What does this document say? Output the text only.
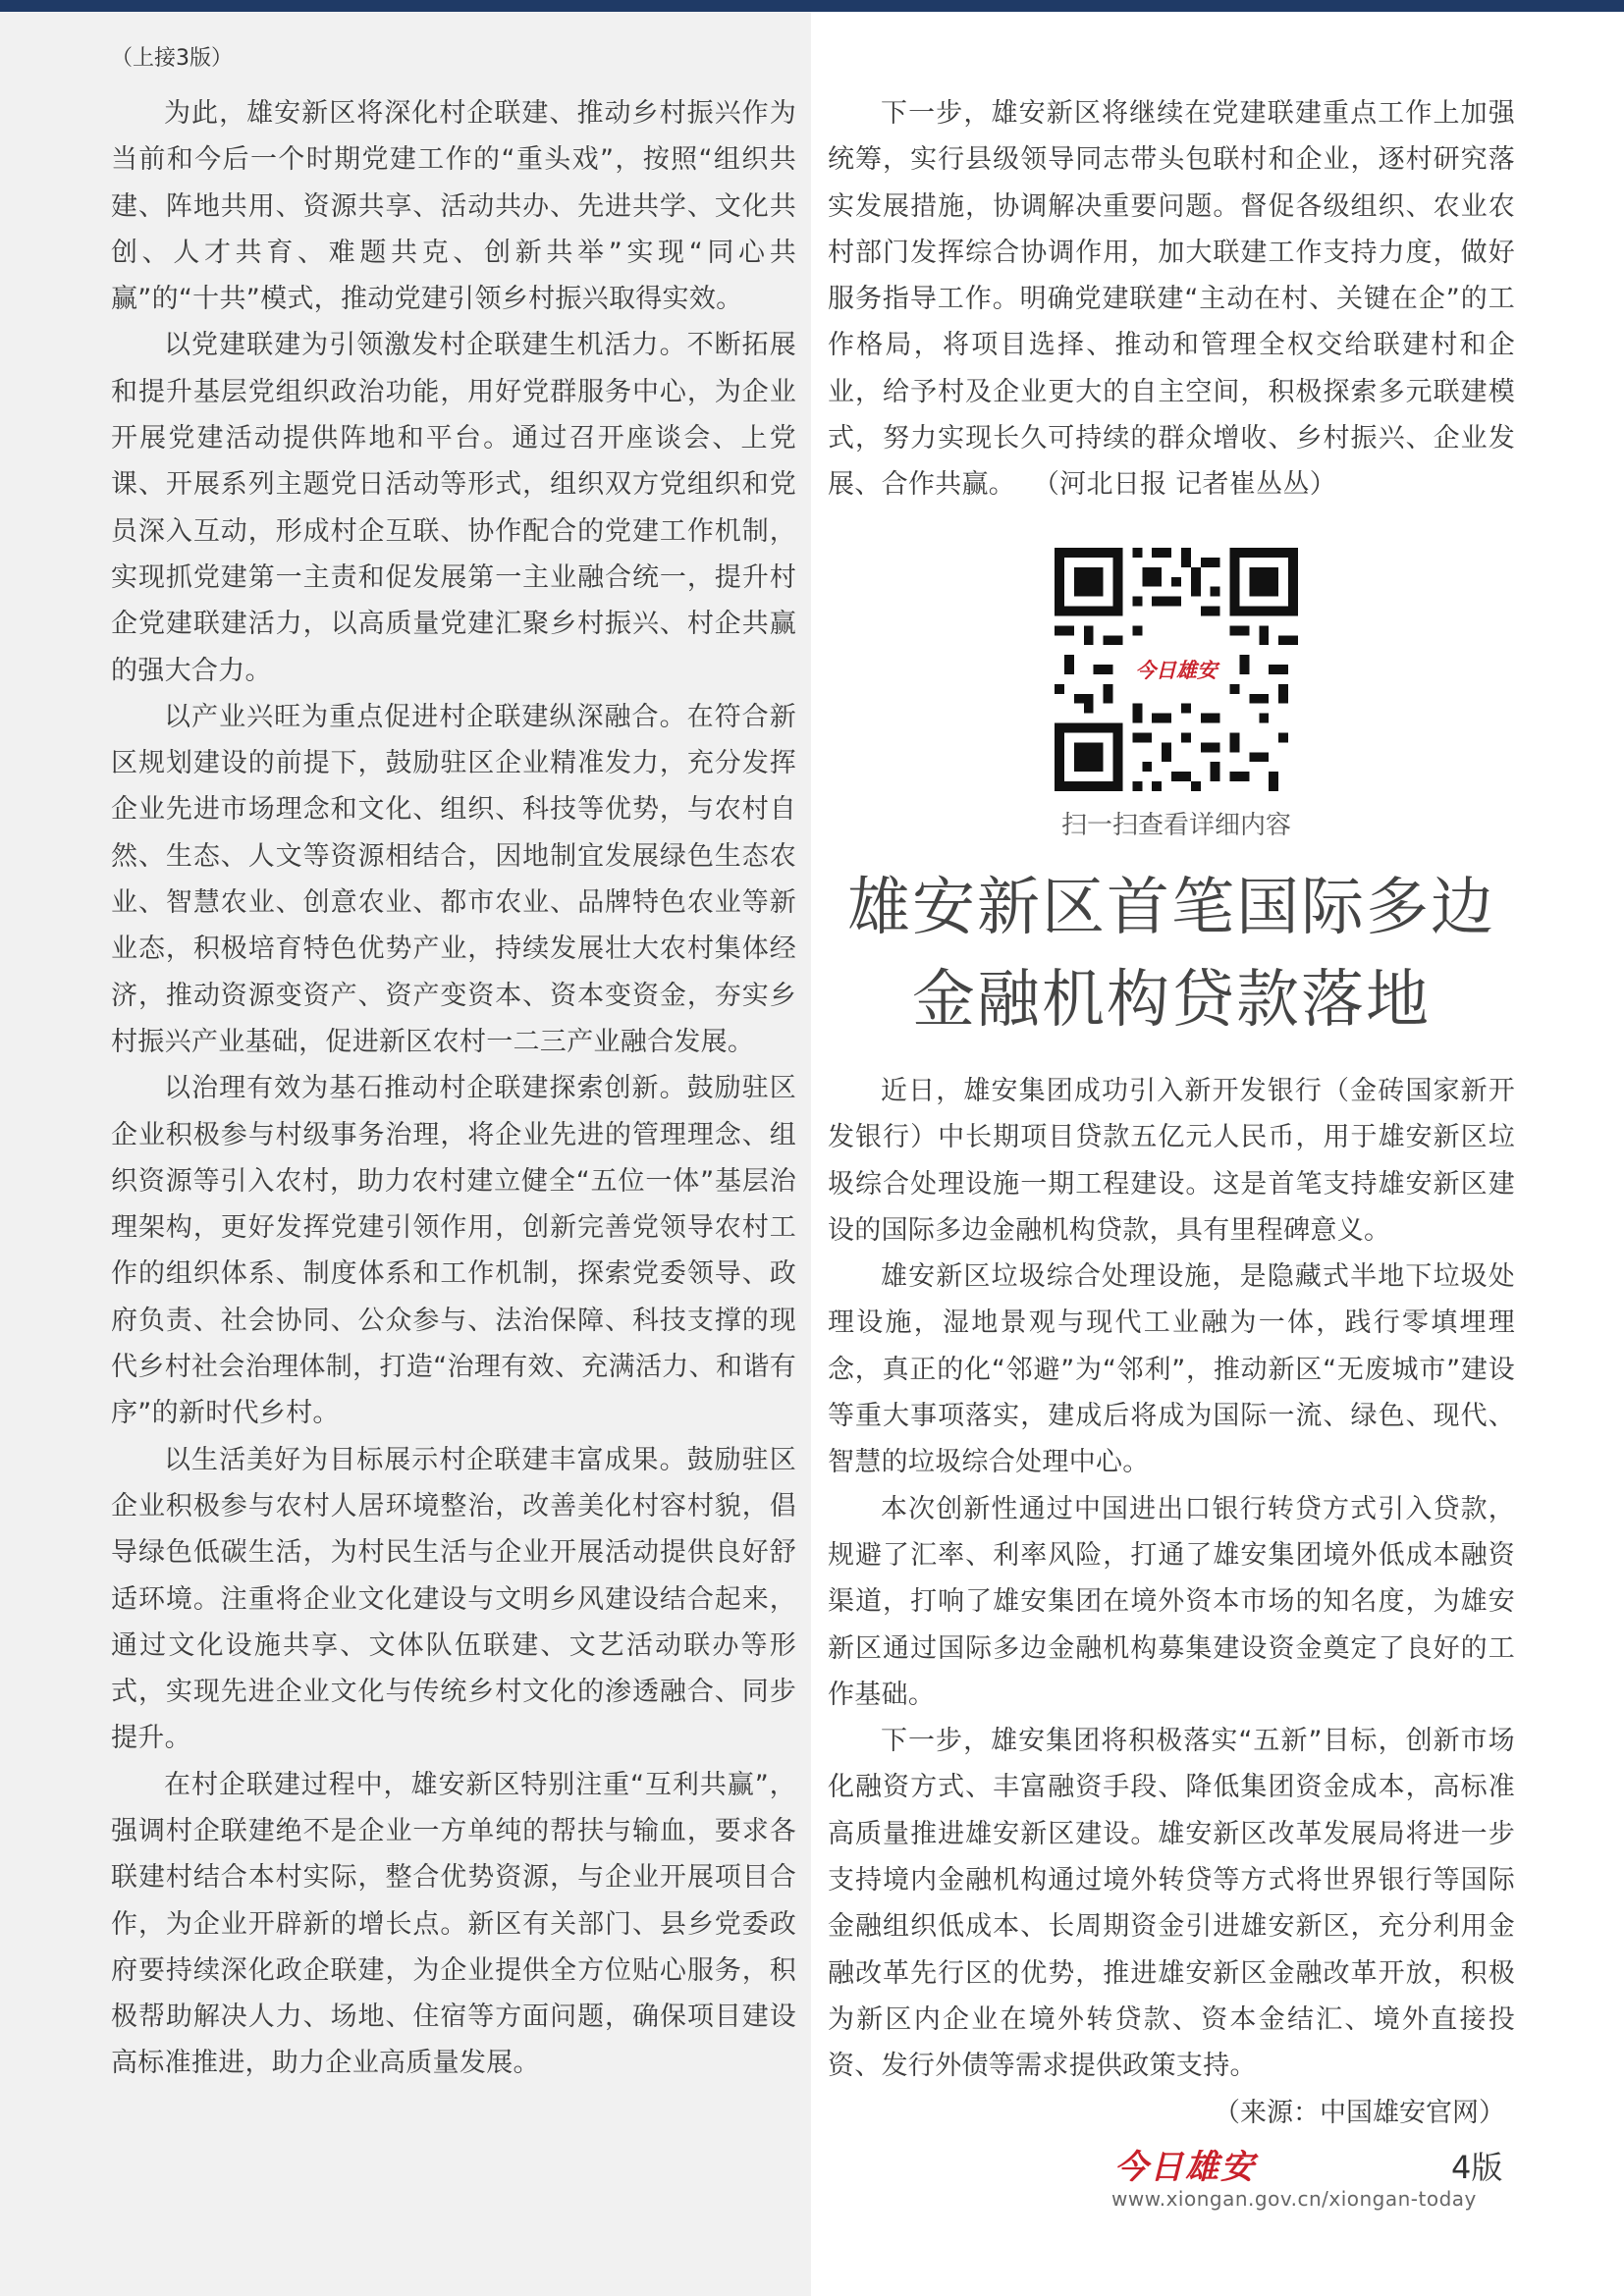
（上接3版）

为此，雄安新区将深化村企联建、推动乡村振兴作为当前和今后一个时期党建工作的“重头戏”，按照“组织共建、阵地共用、资源共享、活动共办、先进共学、文化共创、人才共育、难题共克、创新共举”实现“同心共赢”的“十共”模式，推动党建引领乡村振兴取得实效。

以党建联建为引领激发村企联建生机活力。不断拓展和提升基层党组织政治功能，用好党群服务中心，为企业开展党建活动提供阵地和平台。通过召开座谈会、上党课、开展系列主题党日活动等形式，组织双方党组织和党员深入互动，形成村企互联、协作配合的党建工作机制，实现抓党建第一主责和促发展第一主业融合统一，提升村企党建联建活力，以高质量党建汇聚乡村振兴、村企共赢的强大合力。

以产业兴旺为重点促进村企联建纵深融合。在符合新区规划建设的前提下，鼓励驻区企业精准发力，充分发挥企业先进市场理念和文化、组织、科技等优势，与农村自然、生态、人文等资源相结合，因地制宜发展绿色生态农业、智慧农业、创意农业、都市农业、品牌特色农业等新业态，积极培育特色优势产业，持续发展壮大农村集体经济，推动资源变资产、资产变资本、资本变资金，夯实乡村振兴产业基础，促进新区农村一二三产业融合发展。

以治理有效为基石推动村企联建探索创新。鼓励驻区企业积极参与村级事务治理，将企业先进的管理理念、组织资源等引入农村，助力农村建立健全“五位一体”基层治理架构，更好发挥党建引领作用，创新完善党领导农村工作的组织体系、制度体系和工作机制，探索党委领导、政府负责、社会协同、公众参与、法治保障、科技支撑的现代乡村社会治理体制，打造“治理有效、充满活力、和谐有序”的新时代乡村。

以生活美好为目标展示村企联建丰富成果。鼓励驻区企业积极参与农村人居环境整治，改善美化村容村貌，倡导绿色低碳生活，为村民生活与企业开展活动提供良好舒适环境。注重将企业文化建设与文明乡风建设结合起来，通过文化设施共享、文体队伍联建、文艺活动联办等形式，实现先进企业文化与传统乡村文化的渗透融合、同步提升。

在村企联建过程中，雄安新区特别注重“互利共赢”，强调村企联建绝不是企业一方单纯的帮扶与输血，要求各联建村结合本村实际，整合优势资源，与企业开展项目合作，为企业开辟新的增长点。新区有关部门、县乡党委政府要持续深化政企联建，为企业提供全方位贴心服务，积极帮助解决人力、场地、住宿等方面问题，确保项目建设高标准推进，助力企业高质量发展。

下一步，雄安新区将继续在党建联建重点工作上加强统筹，实行县级领导同志带头包联村和企业，逐村研究落实发展措施，协调解决重要问题。督促各级组织、农业农村部门发挥综合协调作用，加大联建工作支持力度，做好服务指导工作。明确党建联建“主动在村、关键在企”的工作格局，将项目选择、推动和管理全权交给联建村和企业，给予村及企业更大的自主空间，积极探索多元联建模式，努力实现长久可持续的群众增收、乡村振兴、企业发展、合作共赢。 （河北日报 记者崔丛丛）

今日雄安
扫一扫查看详细内容
雄安新区首笔国际多边
金融机构贷款落地

近日，雄安集团成功引入新开发银行（金砖国家新开发银行）中长期项目贷款五亿元人民币，用于雄安新区垃圾综合处理设施一期工程建设。这是首笔支持雄安新区建设的国际多边金融机构贷款，具有里程碑意义。

雄安新区垃圾综合处理设施，是隐藏式半地下垃圾处理设施，湿地景观与现代工业融为一体，践行零填埋理念，真正的化“邻避”为“邻利”，推动新区“无废城市”建设等重大事项落实，建成后将成为国际一流、绿色、现代、智慧的垃圾综合处理中心。

本次创新性通过中国进出口银行转贷方式引入贷款，规避了汇率、利率风险，打通了雄安集团境外低成本融资渠道，打响了雄安集团在境外资本市场的知名度，为雄安新区通过国际多边金融机构募集建设资金奠定了良好的工作基础。

下一步，雄安集团将积极落实“五新”目标，创新市场化融资方式、丰富融资手段、降低集团资金成本，高标准高质量推进雄安新区建设。雄安新区改革发展局将进一步支持境内金融机构通过境外转贷等方式将世界银行等国际金融组织低成本、长周期资金引进雄安新区，充分利用金融改革先行区的优势，推进雄安新区金融改革开放，积极为新区内企业在境外转贷款、资本金结汇、境外直接投资、发行外债等需求提供政策支持。

（来源：中国雄安官网）
今日雄安	4版
www.xiongan.gov.cn/xiongan-today
